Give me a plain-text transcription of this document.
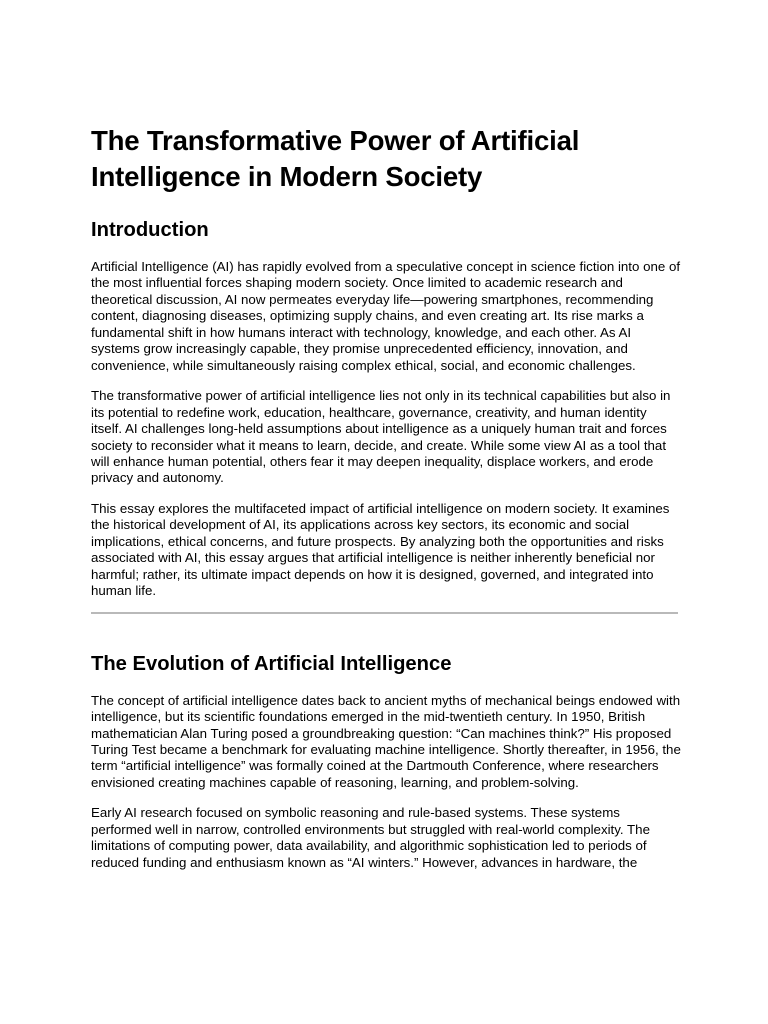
The Transformative Power of Artificial Intelligence in Modern Society
Introduction

Artificial Intelligence (AI) has rapidly evolved from a speculative concept in science fiction into one of the most influential forces shaping modern society. Once limited to academic research and theoretical discussion, AI now permeates everyday life—powering smartphones, recommending content, diagnosing diseases, optimizing supply chains, and even creating art. Its rise marks a fundamental shift in how humans interact with technology, knowledge, and each other. As AI systems grow increasingly capable, they promise unprecedented efficiency, innovation, and convenience, while simultaneously raising complex ethical, social, and economic challenges.

The transformative power of artificial intelligence lies not only in its technical capabilities but also in its potential to redefine work, education, healthcare, governance, creativity, and human identity itself. AI challenges long-held assumptions about intelligence as a uniquely human trait and forces society to reconsider what it means to learn, decide, and create. While some view AI as a tool that will enhance human potential, others fear it may deepen inequality, displace workers, and erode privacy and autonomy.

This essay explores the multifaceted impact of artificial intelligence on modern society. It examines the historical development of AI, its applications across key sectors, its economic and social implications, ethical concerns, and future prospects. By analyzing both the opportunities and risks associated with AI, this essay argues that artificial intelligence is neither inherently beneficial nor harmful; rather, its ultimate impact depends on how it is designed, governed, and integrated into human life.

The Evolution of Artificial Intelligence

The concept of artificial intelligence dates back to ancient myths of mechanical beings endowed with intelligence, but its scientific foundations emerged in the mid-twentieth century. In 1950, British mathematician Alan Turing posed a groundbreaking question: “Can machines think?” His proposed Turing Test became a benchmark for evaluating machine intelligence. Shortly thereafter, in 1956, the term “artificial intelligence” was formally coined at the Dartmouth Conference, where researchers envisioned creating machines capable of reasoning, learning, and problem-solving.

Early AI research focused on symbolic reasoning and rule-based systems. These systems performed well in narrow, controlled environments but struggled with real-world complexity. The limitations of computing power, data availability, and algorithmic sophistication led to periods of reduced funding and enthusiasm known as “AI winters.” However, advances in hardware, the
